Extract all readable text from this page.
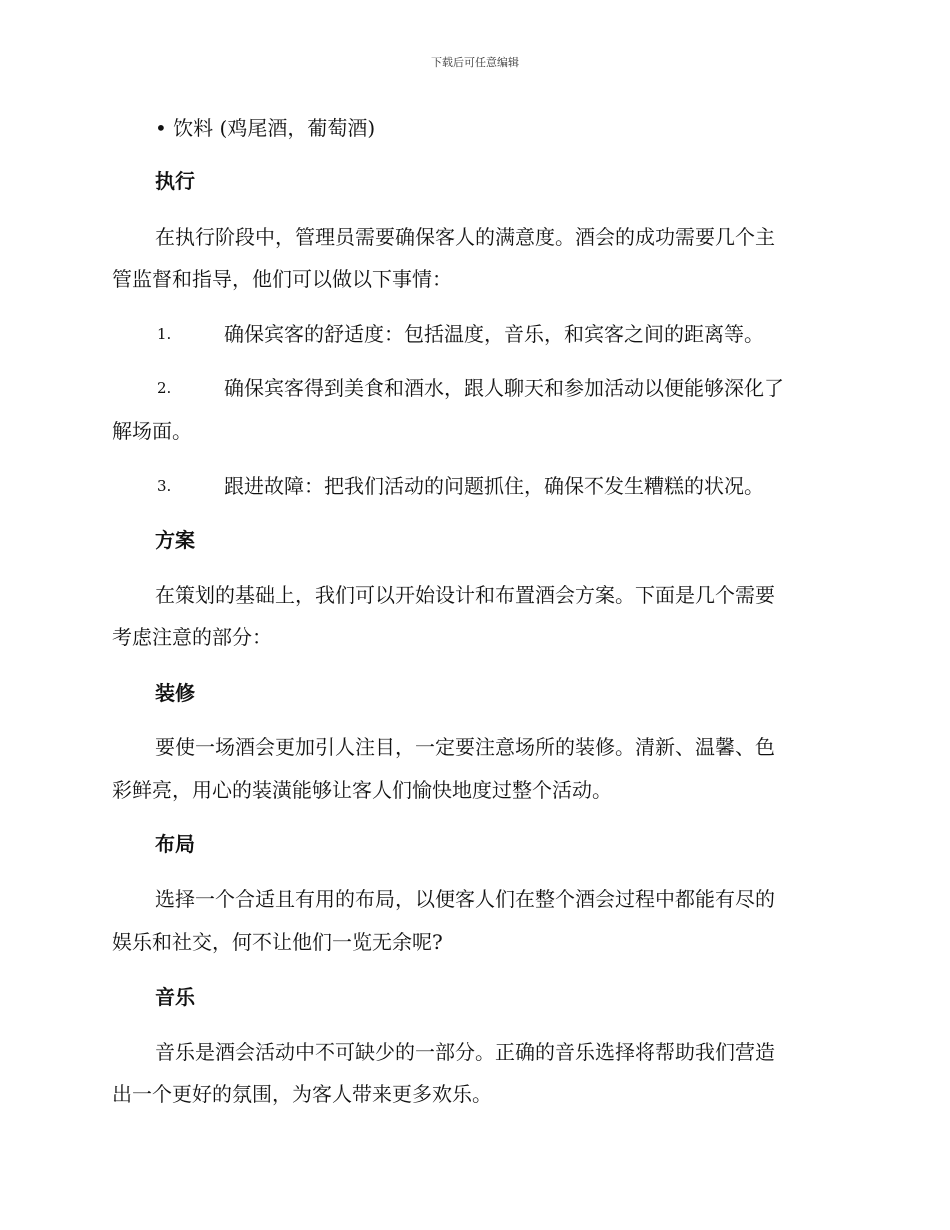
下载后可任意编辑
• 饮料 (鸡尾酒，葡萄酒)
执行
在执行阶段中，管理员需要确保客人的满意度。酒会的成功需要几个主
管监督和指导，他们可以做以下事情：
1.	确保宾客的舒适度：包括温度，音乐，和宾客之间的距离等。
2.	确保宾客得到美食和酒水，跟人聊天和参加活动以便能够深化了
解场面。
3.	跟进故障：把我们活动的问题抓住，确保不发生糟糕的状况。
方案
在策划的基础上，我们可以开始设计和布置酒会方案。下面是几个需要
考虑注意的部分：
装修
要使一场酒会更加引人注目，一定要注意场所的装修。清新、温馨、色
彩鲜亮，用心的装潢能够让客人们愉快地度过整个活动。
布局
选择一个合适且有用的布局，以便客人们在整个酒会过程中都能有尽的
娱乐和社交，何不让他们一览无余呢?
音乐
音乐是酒会活动中不可缺少的一部分。正确的音乐选择将帮助我们营造
出一个更好的氛围，为客人带来更多欢乐。
